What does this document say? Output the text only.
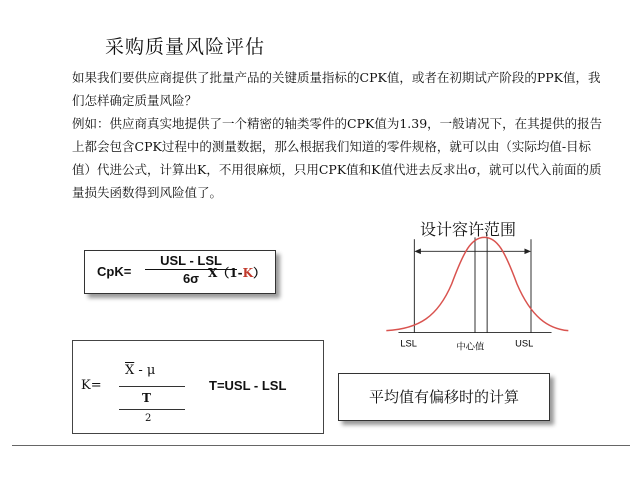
采购质量风险评估

如果我们要供应商提供了批量产品的关键质量指标的CPK值，或者在初期试产阶段的PPK值，我们怎样确定质量风险？

例如：供应商真实地提供了一个精密的轴类零件的CPK值为1.39，一般请况下，在其提供的报告上都会包含CPK过程中的测量数据，那么根据我们知道的零件规格，就可以由（实际均值-目标值）代进公式，计算出K，不用很麻烦，只用CPK值和K值代进去反求出σ，就可以代入前面的质量损失函数得到风险值了。

CpK=
USL - LSL
6σ X（1-K）
K=
$\overline{X}$ - μ
T
2
T=USL - LSL
平均值有偏移时的计算
设计容许范围
LSL	中心值	USL
